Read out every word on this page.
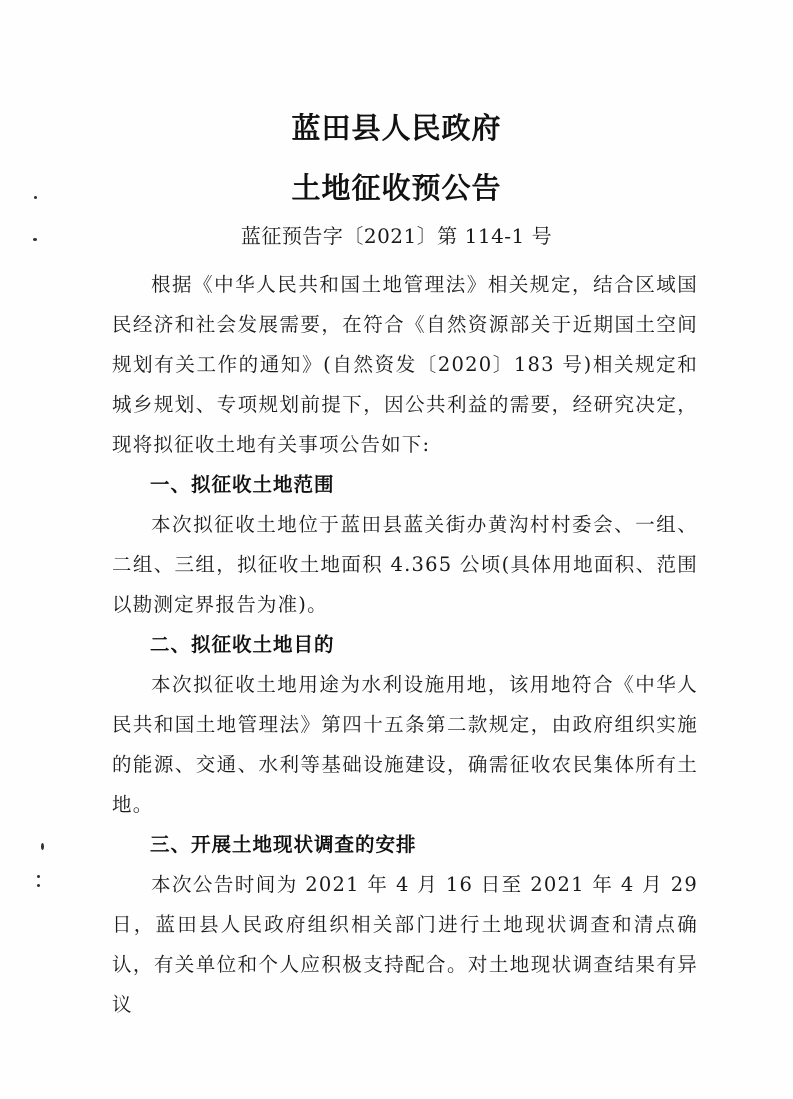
蓝田县人民政府
土地征收预公告
蓝征预告字〔2021〕第 114-1 号
根据《中华人民共和国土地管理法》相关规定，结合区域国民经济和社会发展需要，在符合《自然资源部关于近期国土空间规划有关工作的通知》(自然资发〔2020〕183 号)相关规定和城乡规划、专项规划前提下，因公共利益的需要，经研究决定，现将拟征收土地有关事项公告如下:
一、拟征收土地范围
本次拟征收土地位于蓝田县蓝关街办黄沟村村委会、一组、二组、三组，拟征收土地面积 4.365 公顷(具体用地面积、范围以勘测定界报告为准)。
二、拟征收土地目的
本次拟征收土地用途为水利设施用地，该用地符合《中华人民共和国土地管理法》第四十五条第二款规定，由政府组织实施的能源、交通、水利等基础设施建设，确需征收农民集体所有土地。
三、开展土地现状调查的安排
本次公告时间为 2021 年 4 月 16 日至 2021 年 4 月 29 日，蓝田县人民政府组织相关部门进行土地现状调查和清点确认，有关单位和个人应积极支持配合。对土地现状调查结果有异议
